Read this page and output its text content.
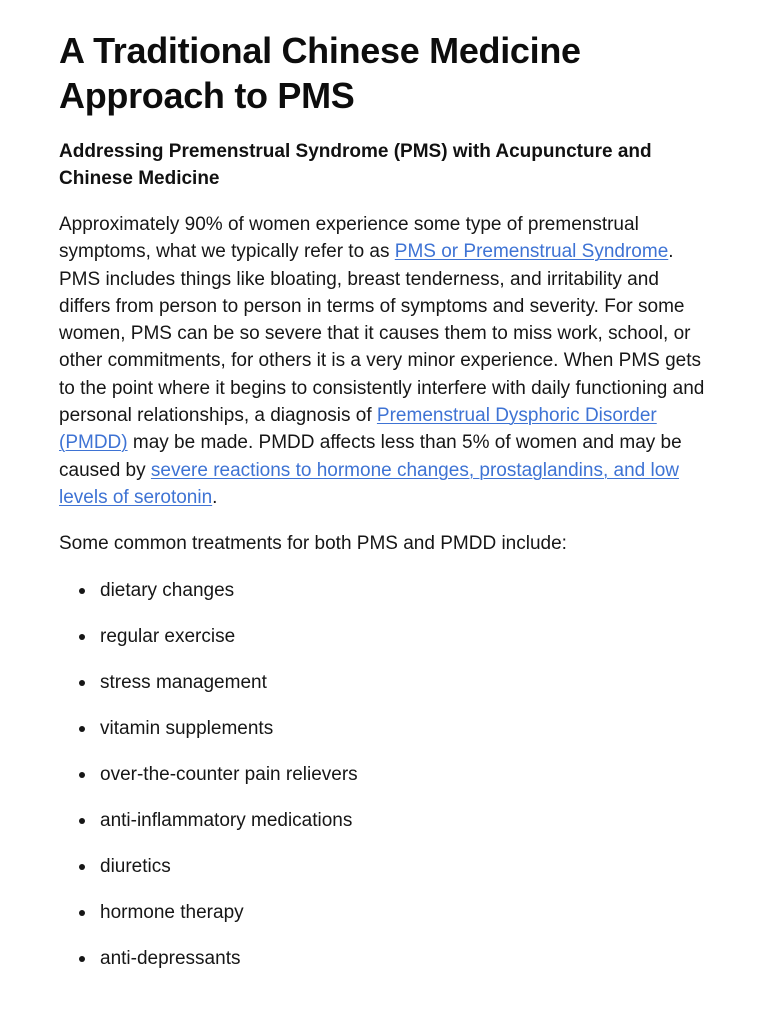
A Traditional Chinese Medicine Approach to PMS
Addressing Premenstrual Syndrome (PMS) with Acupuncture and Chinese Medicine

Approximately 90% of women experience some type of premenstrual symptoms, what we typically refer to as PMS or Premenstrual Syndrome. PMS includes things like bloating, breast tenderness, and irritability and differs from person to person in terms of symptoms and severity. For some women, PMS can be so severe that it causes them to miss work, school, or other commitments, for others it is a very minor experience. When PMS gets to the point where it begins to consistently interfere with daily functioning and personal relationships, a diagnosis of Premenstrual Dysphoric Disorder (PMDD) may be made. PMDD affects less than 5% of women and may be caused by severe reactions to hormone changes, prostaglandins, and low levels of serotonin.

Some common treatments for both PMS and PMDD include:

dietary changes
regular exercise
stress management
vitamin supplements
over-the-counter pain relievers
anti-inflammatory medications
diuretics
hormone therapy
anti-depressants
